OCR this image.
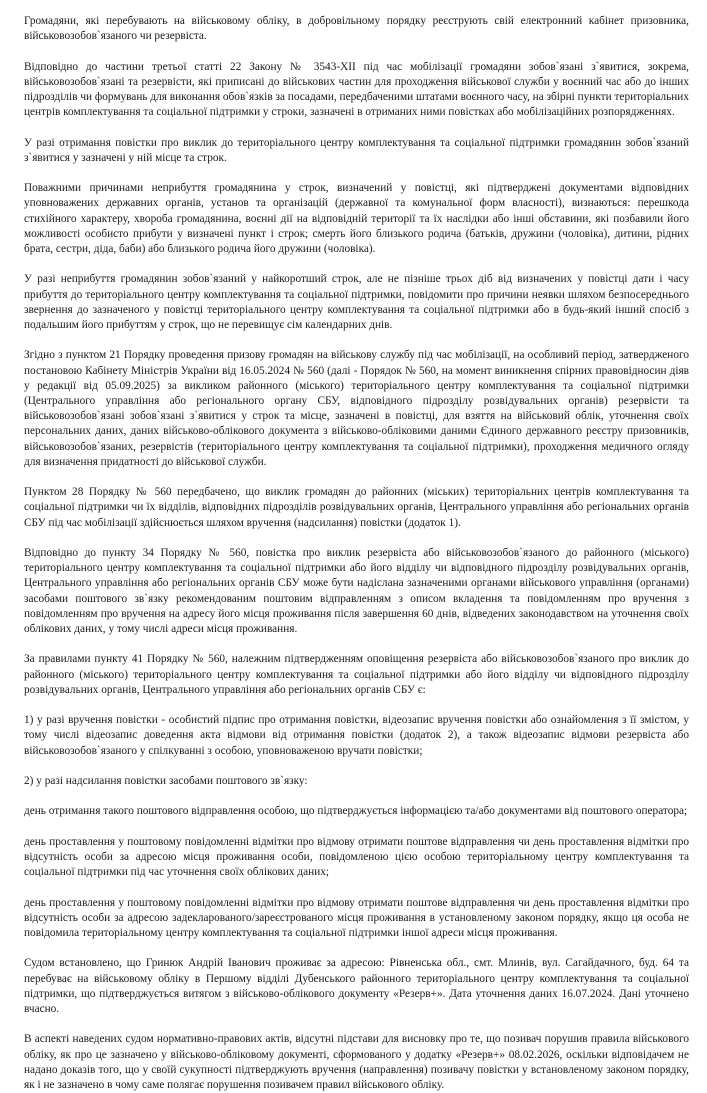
Громадяни, які перебувають на військовому обліку, в добровільному порядку реєструють свій електронний кабінет призовника, військовозобов`язаного чи резервіста.

Відповідно до частини третьої статті 22 Закону № 3543-XII під час мобілізації громадяни зобов`язані з`явитися, зокрема, військовозобов`язані та резервісти, які приписані до військових частин для проходження військової служби у воєнний час або до інших підрозділів чи формувань для виконання обов`язків за посадами, передбаченими штатами воєнного часу, на збірні пункти територіальних центрів комплектування та соціальної підтримки у строки, зазначені в отриманих ними повістках або мобілізаційних розпорядженнях.

У разі отримання повістки про виклик до територіального центру комплектування та соціальної підтримки громадянин зобов`язаний з`явитися у зазначені у ній місце та строк.

Поважними причинами неприбуття громадянина у строк, визначений у повістці, які підтверджені документами відповідних уповноважених державних органів, установ та організацій (державної та комунальної форм власності), визнаються: перешкода стихійного характеру, хвороба громадянина, воєнні дії на відповідній території та їх наслідки або інші обставини, які позбавили його можливості особисто прибути у визначені пункт і строк; смерть його близького родича (батьків, дружини (чоловіка), дитини, рідних брата, сестри, діда, баби) або близького родича його дружини (чоловіка).

У разі неприбуття громадянин зобов`язаний у найкоротший строк, але не пізніше трьох діб від визначених у повістці дати і часу прибуття до територіального центру комплектування та соціальної підтримки, повідомити про причини неявки шляхом безпосереднього звернення до зазначеного у повістці територіального центру комплектування та соціальної підтримки або в будь-який інший спосіб з подальшим його прибуттям у строк, що не перевищує сім календарних днів.

Згідно з пунктом 21 Порядку проведення призову громадян на військову службу під час мобілізації, на особливий період, затвердженого постановою Кабінету Міністрів України від 16.05.2024 № 560 (далі - Порядок № 560, на момент виникнення спірних правовідносин діяв у редакції від 05.09.2025) за викликом районного (міського) територіального центру комплектування та соціальної підтримки (Центрального управління або регіонального органу СБУ, відповідного підрозділу розвідувальних органів) резервісти та військовозобов`язані зобов`язані з`явитися у строк та місце, зазначені в повістці, для взяття на військовий облік, уточнення своїх персональних даних, даних військово-облікового документа з військово-обліковими даними Єдиного державного реєстру призовників, військовозобов`язаних, резервістів (територіального центру комплектування та соціальної підтримки), проходження медичного огляду для визначення придатності до військової служби.

Пунктом 28 Порядку № 560 передбачено, що виклик громадян до районних (міських) територіальних центрів комплектування та соціальної підтримки чи їх відділів, відповідних підрозділів розвідувальних органів, Центрального управління або регіональних органів СБУ під час мобілізації здійснюється шляхом вручення (надсилання) повістки (додаток 1).

Відповідно до пункту 34 Порядку № 560, повістка про виклик резервіста або військовозобов`язаного до районного (міського) територіального центру комплектування та соціальної підтримки або його відділу чи відповідного підрозділу розвідувальних органів, Центрального управління або регіональних органів СБУ може бути надіслана зазначеними органами військового управління (органами) засобами поштового зв`язку рекомендованим поштовим відправленням з описом вкладення та повідомленням про вручення з повідомленням про вручення на адресу його місця проживання після завершення 60 днів, відведених законодавством на уточнення своїх облікових даних, у тому числі адреси місця проживання.

За правилами пункту 41 Порядку № 560, належним підтвердженням оповіщення резервіста або військовозобов`язаного про виклик до районного (міського) територіального центру комплектування та соціальної підтримки або його відділу чи відповідного підрозділу розвідувальних органів, Центрального управління або регіональних органів СБУ є:

1) у разі вручення повістки - особистий підпис про отримання повістки, відеозапис вручення повістки або ознайомлення з її змістом, у тому числі відеозапис доведення акта відмови від отримання повістки (додаток 2), а також відеозапис відмови резервіста або військовозобов`язаного у спілкуванні з особою, уповноваженою вручати повістки;

2) у разі надсилання повістки засобами поштового зв`язку:

день отримання такого поштового відправлення особою, що підтверджується інформацією та/або документами від поштового оператора;

день проставлення у поштовому повідомленні відмітки про відмову отримати поштове відправлення чи день проставлення відмітки про відсутність особи за адресою місця проживання особи, повідомленою цією особою територіальному центру комплектування та соціальної підтримки під час уточнення своїх облікових даних;

день проставлення у поштовому повідомленні відмітки про відмову отримати поштове відправлення чи день проставлення відмітки про відсутність особи за адресою задекларованого/зареєстрованого місця проживання в установленому законом порядку, якщо ця особа не повідомила територіальному центру комплектування та соціальної підтримки іншої адреси місця проживання.

Судом встановлено, що Гринюк Андрій Іванович проживає за адресою: Рівненська обл., смт. Млинів, вул. Сагайдачного, буд. 64 та перебуває на військовому обліку в Першому відділі Дубенського районного територіального центру комплектування та соціальної підтримки, що підтверджується витягом з військово-облікового документу «Резерв+». Дата уточнення даних 16.07.2024. Дані уточнено вчасно.

В аспекті наведених судом нормативно-правових актів, відсутні підстави для висновку про те, що позивач порушив правила військового обліку, як про це зазначено у військово-обліковому документі, сформованого у додатку «Резерв+» 08.02.2026, оскільки відповідачем не надано доказів того, що у своїй сукупності підтверджують вручення (направлення) позивачу повістки у встановленому законом порядку, як і не зазначено в чому саме полягає порушення позивачем правил військового обліку.
